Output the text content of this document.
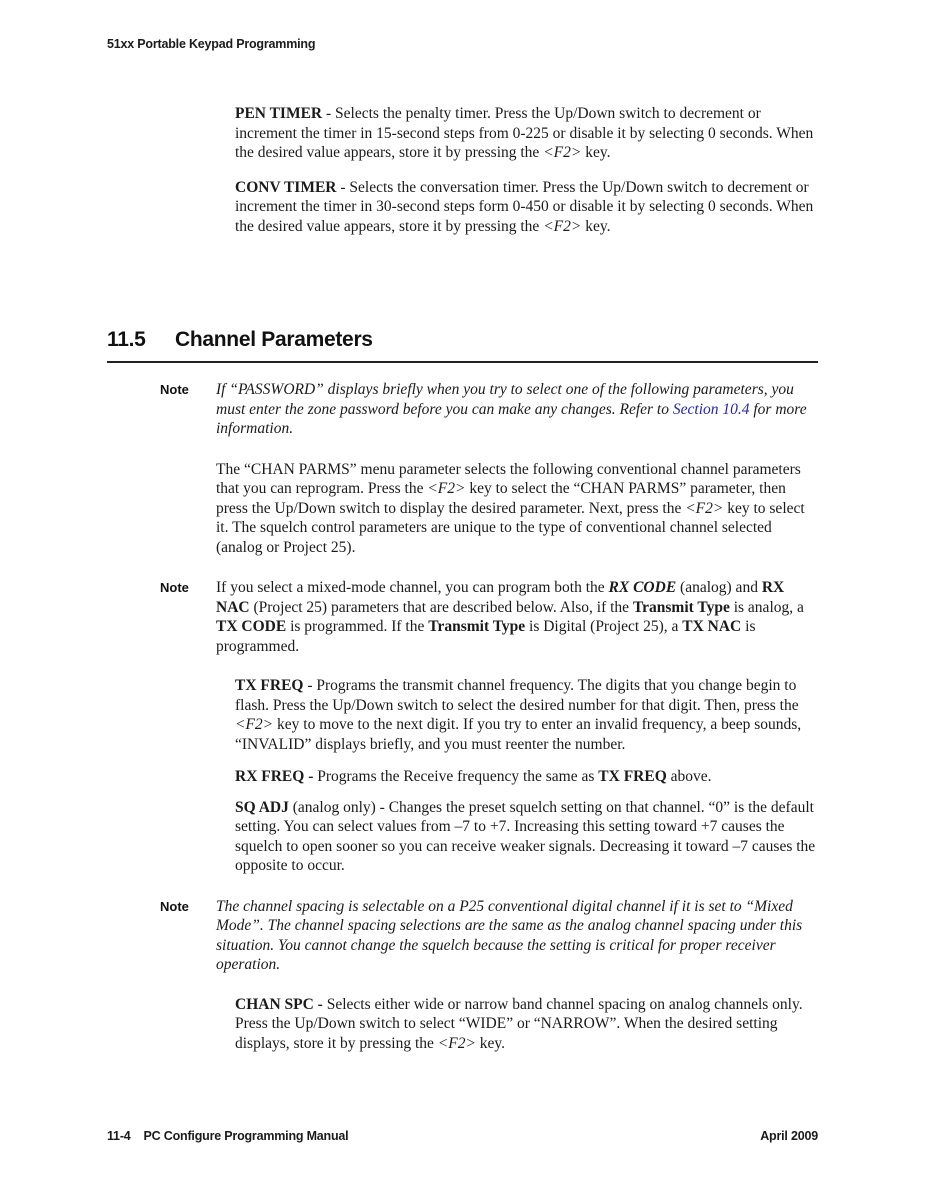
51xx Portable Keypad Programming

PEN TIMER - Selects the penalty timer. Press the Up/Down switch to decrement or increment the timer in 15-second steps from 0-225 or disable it by selecting 0 seconds. When the desired value appears, store it by pressing the <F2> key.

CONV TIMER - Selects the conversation timer. Press the Up/Down switch to decrement or increment the timer in 30-second steps form 0-450 or disable it by selecting 0 seconds. When the desired value appears, store it by pressing the <F2> key.

11.5 Channel Parameters
Note	If “PASSWORD” displays briefly when you try to select one of the following parameters, you must enter the zone password before you can make any changes. Refer to Section 10.4 for more information.

The “CHAN PARMS” menu parameter selects the following conventional channel parameters that you can reprogram. Press the <F2> key to select the “CHAN PARMS” parameter, then press the Up/Down switch to display the desired parameter. Next, press the <F2> key to select it. The squelch control parameters are unique to the type of conventional channel selected (analog or Project 25).

Note	If you select a mixed-mode channel, you can program both the RX CODE (analog) and RX NAC (Project 25) parameters that are described below. Also, if the Transmit Type is analog, a TX CODE is programmed. If the Transmit Type is Digital (Project 25), a TX NAC is programmed.

TX FREQ - Programs the transmit channel frequency. The digits that you change begin to flash. Press the Up/Down switch to select the desired number for that digit. Then, press the <F2> key to move to the next digit. If you try to enter an invalid frequency, a beep sounds, “INVALID” displays briefly, and you must reenter the number.

RX FREQ - Programs the Receive frequency the same as TX FREQ above.

SQ ADJ (analog only) - Changes the preset squelch setting on that channel. “0” is the default setting. You can select values from –7 to +7. Increasing this setting toward +7 causes the squelch to open sooner so you can receive weaker signals. Decreasing it toward –7 causes the opposite to occur.

Note	The channel spacing is selectable on a P25 conventional digital channel if it is set to “Mixed Mode”. The channel spacing selections are the same as the analog channel spacing under this situation. You cannot change the squelch because the setting is critical for proper receiver operation.

CHAN SPC - Selects either wide or narrow band channel spacing on analog channels only. Press the Up/Down switch to select “WIDE” or “NARROW”. When the desired setting displays, store it by pressing the <F2> key.

11-4 PC Configure Programming Manual	April 2009
